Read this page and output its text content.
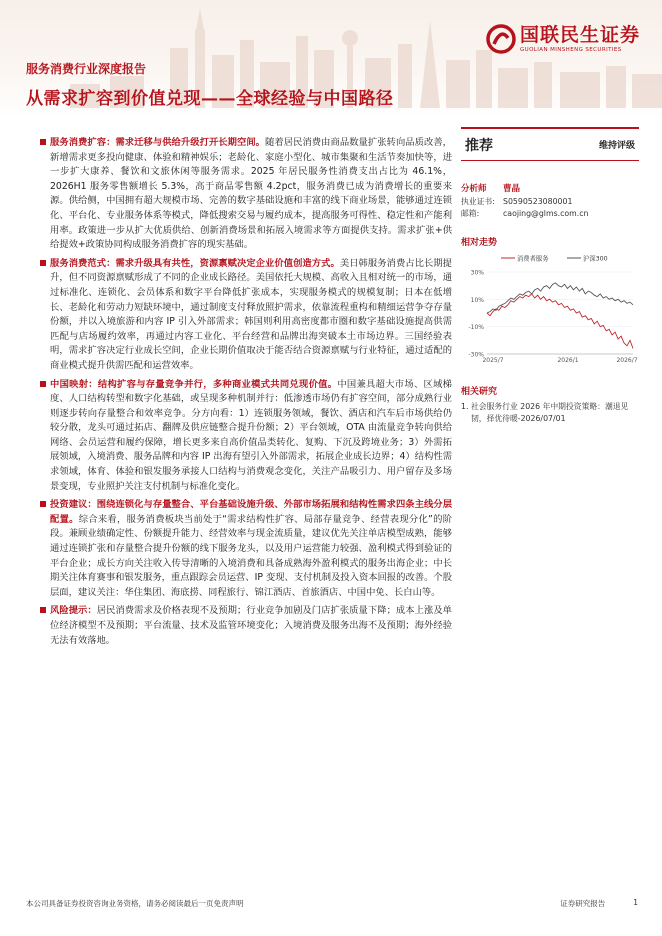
国联民生证券
GUOLIAN MINSHENG SECURITIES
服务消费行业深度报告
从需求扩容到价值兑现——全球经验与中国路径
服务消费扩容：需求迁移与供给升级打开长期空间。随着居民消费由商品数量扩张转向品质改善，新增需求更多投向健康、体验和精神娱乐；老龄化、家庭小型化、城市集聚和生活节奏加快等，进一步扩大康养、餐饮和文旅休闲等服务需求。2025 年居民服务性消费支出占比为 46.1%，2026H1 服务零售额增长 5.3%，高于商品零售额 4.2pct，服务消费已成为消费增长的重要来源。供给侧，中国拥有超大规模市场、完善的数字基础设施和丰富的线下商业场景，能够通过连锁化、平台化、专业服务体系等模式，降低搜索交易与履约成本，提高服务可得性、稳定性和产能利用率。政策进一步从扩大优质供给、创新消费场景和拓展入境需求等方面提供支持。需求扩张+供给提效+政策协同构成服务消费扩容的现实基础。
服务消费范式：需求升级具有共性，资源禀赋决定企业价值创造方式。美日韩服务消费占比长期提升，但不同资源禀赋形成了不同的企业成长路径。美国依托大规模、高收入且相对统一的市场，通过标准化、连锁化、会员体系和数字平台降低扩张成本，实现服务模式的规模复制；日本在低增长、老龄化和劳动力短缺环境中，通过制度支付释放照护需求，依靠流程重构和精细运营争夺存量份额，并以入境旅游和内容 IP 引入外部需求；韩国则利用高密度都市圈和数字基础设施提高供需匹配与店场履约效率，再通过内容工业化、平台经营和品牌出海突破本土市场边界。三国经验表明，需求扩容决定行业成长空间，企业长期价值取决于能否结合资源禀赋与行业特征，通过适配的商业模式提升供需匹配和运营效率。
中国映射：结构扩容与存量竞争并行，多种商业模式共同兑现价值。中国兼具超大市场、区域梯度、人口结构转型和数字化基础，或呈现多种机制并行：低渗透市场仍有扩容空间，部分成熟行业则逐步转向存量整合和效率竞争。分方向看：1）连锁服务领域，餐饮、酒店和汽车后市场供给仍较分散，龙头可通过拓店、翻牌及供应链整合提升份额；2）平台领域，OTA 由流量竞争转向供给网络、会员运营和履约保障，增长更多来自高价值品类转化、复购、下沉及跨境业务；3）外需拓展领域，入境消费、服务品牌和内容 IP 出海有望引入外部需求，拓展企业成长边界；4）结构性需求领域，体育、体验和银发服务承接人口结构与消费观念变化，关注产品吸引力、用户留存及多场景变现，专业照护关注支付机制与标准化变化。
投资建议：围绕连锁化与存量整合、平台基础设施升级、外部市场拓展和结构性需求四条主线分层配置。综合来看，服务消费板块当前处于“需求结构性扩容、局部存量竞争、经营表现分化”的阶段。兼顾业绩确定性、份额提升能力、经营效率与现金流质量，建议优先关注单店模型成熟，能够通过连锁扩张和存量整合提升份额的线下服务龙头，以及用户运营能力较强、盈利模式得到验证的平台企业；成长方向关注收入传导清晰的入境消费和具备成熟海外盈利模式的服务出海企业；中长期关注体育赛事和银发服务，重点跟踪会员运营、IP 变现、支付机制及投入资本回报的改善。个股层面，建议关注：华住集团、海底捞、同程旅行、锦江酒店、首旅酒店、中国中免、长白山等。
风险提示：居民消费需求及价格表现不及预期；行业竞争加剧及门店扩张质量下降；成本上涨及单位经济模型不及预期；平台流量、技术及监管环境变化；入境消费及服务出海不及预期；海外经验无法有效落地。
推荐	维持评级
分析师	曹晶
执业证书:	S0590523080001
邮箱:	caojing@glms.com.cn
相对走势
30%
10%
-10%
-30%
2025/7	2026/1	2026/7
消费者服务	沪深300
相关研究
1. 社会服务行业 2026 年中期投资策略：潮退见韧，择优待暖-2026/07/01
本公司具备证券投资咨询业务资格，请务必阅读最后一页免责声明	证券研究报告	1
